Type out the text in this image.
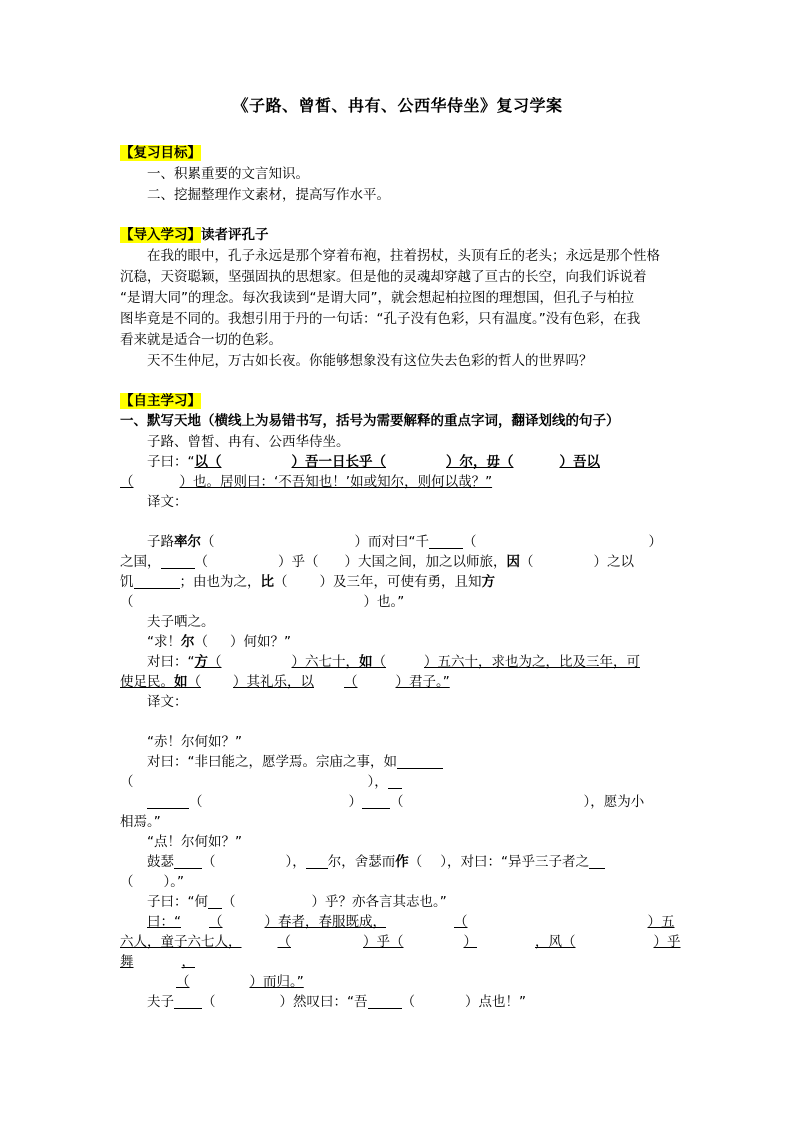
《子路、曾皙、冉有、公西华侍坐》复习学案
【复习目标】
一、积累重要的文言知识。
二、挖掘整理作文素材，提高写作水平。
【导入学习】读者评孔子
在我的眼中，孔子永远是那个穿着布袍，拄着拐杖，头顶有丘的老头；永远是那个性格
沉稳，天资聪颖，坚强固执的思想家。但是他的灵魂却穿越了亘古的长空，向我们诉说着
“是谓大同”的理念。每次我读到“是谓大同”，就会想起柏拉图的理想国，但孔子与柏拉
图毕竟是不同的。我想引用于丹的一句话：“孔子没有色彩，只有温度。”没有色彩，在我
看来就是适合一切的色彩。
天不生仲尼，万古如长夜。你能够想象没有这位失去色彩的哲人的世界吗？
【自主学习】
一、默写天地（横线上为易错书写，括号为需要解释的重点字词，翻译划线的句子）
子路、曾皙、冉有、公西华侍坐。
子曰：“以（	）吾一日长乎（	）尔，毋（	）吾以
（	）也。居则曰：‘不吾知也！’如或知尔，则何以哉？”
译文：
子路率尔（	）而对曰“千	（	）
之国，	（	）乎（ ）大国之间，加之以师旅，因（	）之以
饥	；由也为之，比（ ）及三年，可使有勇，且知方
（	）也。”
夫子哂之。
“求！尔（ ）何如？”
对曰：“方（	）六七十，如（	）五六十，求也为之，比及三年，可
使足民。如（ ）其礼乐，以 （	）君子。”
译文：
“赤！尔何如？”
对曰：“非曰能之，愿学焉。宗庙之事，如
（	），
（	） （	），愿为小
相焉。”
“点！尔何如？”
鼓瑟 （	）， 尔，舍瑟而作（ ），对曰：“异乎三子者之
（ ）。”
子曰：“何 （	）乎？亦各言其志也。”
曰：“ （	）春者，春服既成，	（	）五
六人，童子六七人，	（	）乎（	）	，风（	）乎
舞	，
（	）而归。”
夫子 （	）然叹曰：“吾	（	）点也！”
